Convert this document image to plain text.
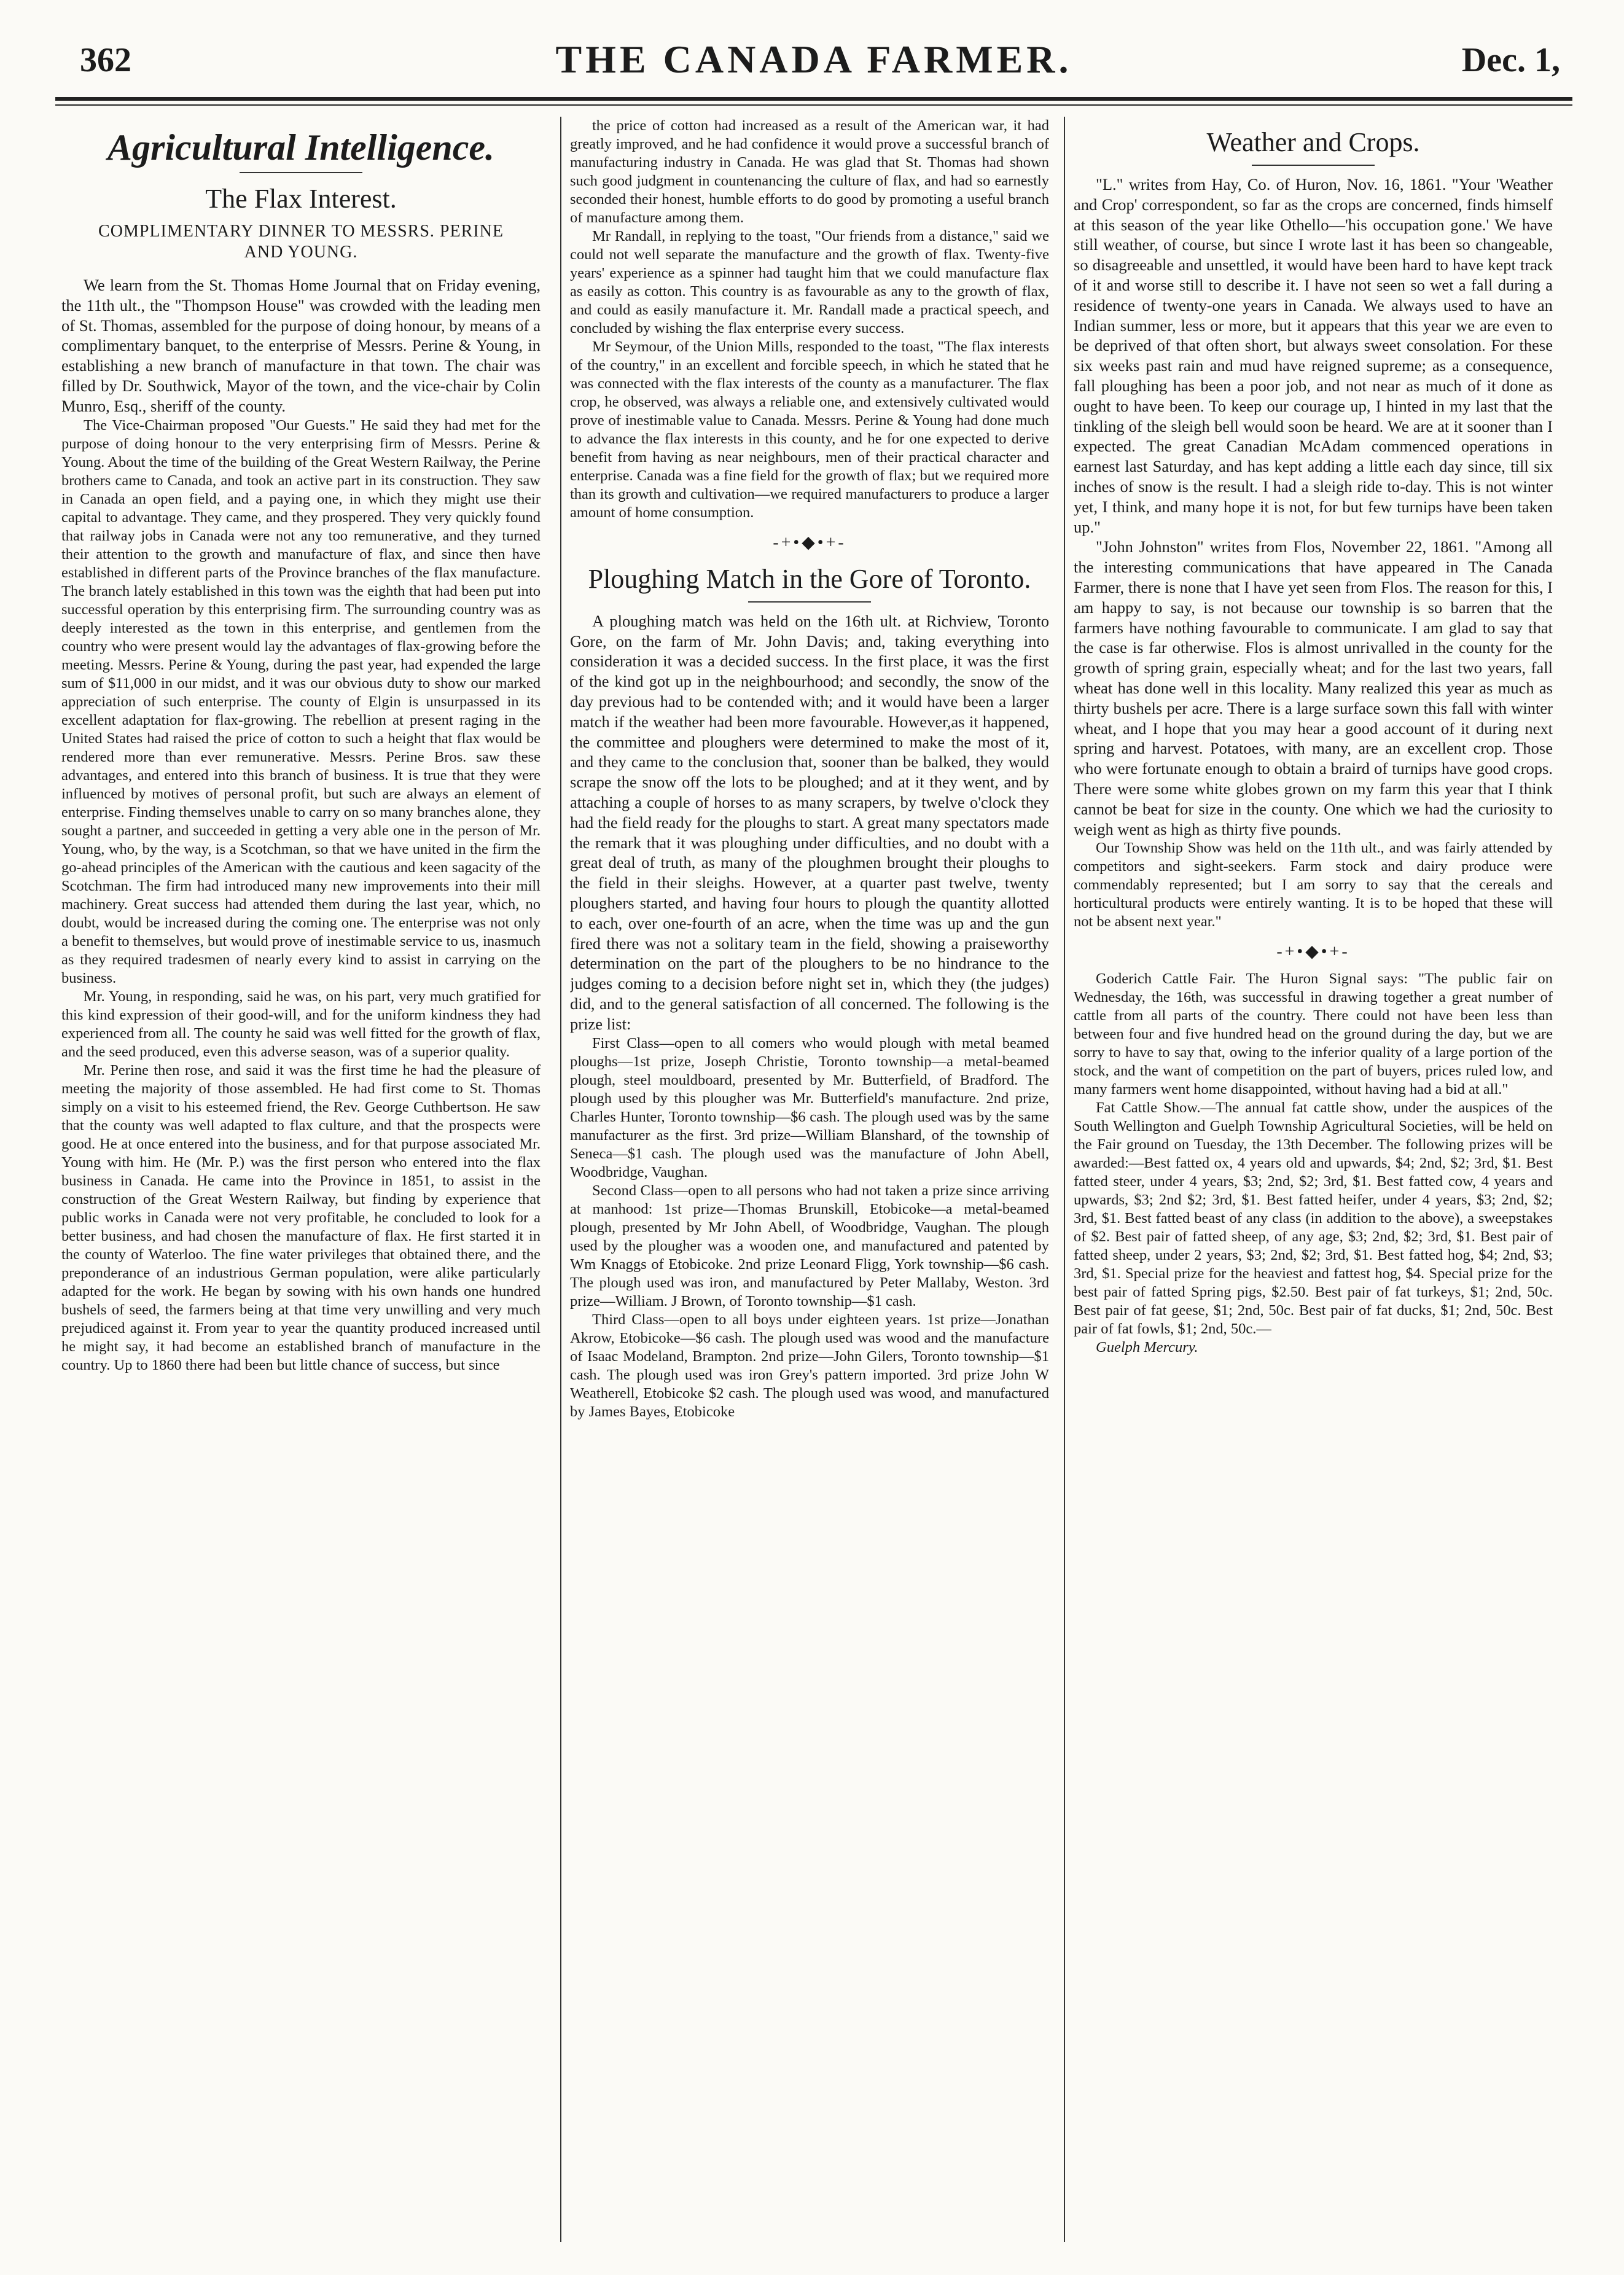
362	THE CANADA FARMER.	Dec. 1,
Agricultural Intelligence.
The Flax Interest.
COMPLIMENTARY DINNER TO MESSRS. PERINE AND YOUNG.

We learn from the St. Thomas Home Journal that on Friday evening, the 11th ult., the "Thompson House" was crowded with the leading men of St. Thomas, assembled for the purpose of doing honour, by means of a complimentary banquet, to the enterprise of Messrs. Perine & Young, in establishing a new branch of manufacture in that town. The chair was filled by Dr. Southwick, Mayor of the town, and the vice-chair by Colin Munro, Esq., sheriff of the county.

The Vice-Chairman proposed "Our Guests." He said they had met for the purpose of doing honour to the very enterprising firm of Messrs. Perine & Young. About the time of the building of the Great Western Railway, the Perine brothers came to Canada, and took an active part in its construction. They saw in Canada an open field, and a paying one, in which they might use their capital to advantage. They came, and they prospered. They very quickly found that railway jobs in Canada were not any too remunerative, and they turned their attention to the growth and manufacture of flax, and since then have established in different parts of the Province branches of the flax manufacture. The branch lately established in this town was the eighth that had been put into successful operation by this enterprising firm. The surrounding country was as deeply interested as the town in this enterprise, and gentlemen from the country who were present would lay the advantages of flax-growing before the meeting. Messrs. Perine & Young, during the past year, had expended the large sum of $11,000 in our midst, and it was our obvious duty to show our marked appreciation of such enterprise. The county of Elgin is unsurpassed in its excellent adaptation for flax-growing. The rebellion at present raging in the United States had raised the price of cotton to such a height that flax would be rendered more than ever remunerative. Messrs. Perine Bros. saw these advantages, and entered into this branch of business. It is true that they were influenced by motives of personal profit, but such are always an element of enterprise. Finding themselves unable to carry on so many branches alone, they sought a partner, and succeeded in getting a very able one in the person of Mr. Young, who, by the way, is a Scotchman, so that we have united in the firm the go-ahead principles of the American with the cautious and keen sagacity of the Scotchman. The firm had introduced many new improvements into their mill machinery. Great success had attended them during the last year, which, no doubt, would be increased during the coming one. The enterprise was not only a benefit to themselves, but would prove of inestimable service to us, inasmuch as they required tradesmen of nearly every kind to assist in carrying on the business.

Mr. Young, in responding, said he was, on his part, very much gratified for this kind expression of their good-will, and for the uniform kindness they had experienced from all. The county he said was well fitted for the growth of flax, and the seed produced, even this adverse season, was of a superior quality.

Mr. Perine then rose, and said it was the first time he had the pleasure of meeting the majority of those assembled. He had first come to St. Thomas simply on a visit to his esteemed friend, the Rev. George Cuthbertson. He saw that the county was well adapted to flax culture, and that the prospects were good. He at once entered into the business, and for that purpose associated Mr. Young with him. He (Mr. P.) was the first person who entered into the flax business in Canada. He came into the Province in 1851, to assist in the construction of the Great Western Railway, but finding by experience that public works in Canada were not very profitable, he concluded to look for a better business, and had chosen the manufacture of flax. He first started it in the county of Waterloo. The fine water privileges that obtained there, and the preponderance of an industrious German population, were alike particularly adapted for the work. He began by sowing with his own hands one hundred bushels of seed, the farmers being at that time very unwilling and very much prejudiced against it. From year to year the quantity produced increased until he might say, it had become an established branch of manufacture in the country. Up to 1860 there had been but little chance of success, but since

the price of cotton had increased as a result of the American war, it had greatly improved, and he had confidence it would prove a successful branch of manufacturing industry in Canada. He was glad that St. Thomas had shown such good judgment in countenancing the culture of flax, and had so earnestly seconded their honest, humble efforts to do good by promoting a useful branch of manufacture among them.

Mr Randall, in replying to the toast, "Our friends from a distance," said we could not well separate the manufacture and the growth of flax. Twenty-five years' experience as a spinner had taught him that we could manufacture flax as easily as cotton. This country is as favourable as any to the growth of flax, and could as easily manufacture it. Mr. Randall made a practical speech, and concluded by wishing the flax enterprise every success.

Mr Seymour, of the Union Mills, responded to the toast, "The flax interests of the country," in an excellent and forcible speech, in which he stated that he was connected with the flax interests of the county as a manufacturer. The flax crop, he observed, was always a reliable one, and extensively cultivated would prove of inestimable value to Canada. Messrs. Perine & Young had done much to advance the flax interests in this county, and he for one expected to derive benefit from having as near neighbours, men of their practical character and enterprise. Canada was a fine field for the growth of flax; but we required more than its growth and cultivation—we required manufacturers to produce a larger amount of home consumption.

-+•◆•+-
Ploughing Match in the Gore of Toronto.

A ploughing match was held on the 16th ult. at Richview, Toronto Gore, on the farm of Mr. John Davis; and, taking everything into consideration it was a decided success. In the first place, it was the first of the kind got up in the neighbourhood; and secondly, the snow of the day previous had to be contended with; and it would have been a larger match if the weather had been more favourable. However,as it happened, the committee and ploughers were determined to make the most of it, and they came to the conclusion that, sooner than be balked, they would scrape the snow off the lots to be ploughed; and at it they went, and by attaching a couple of horses to as many scrapers, by twelve o'clock they had the field ready for the ploughs to start. A great many spectators made the remark that it was ploughing under difficulties, and no doubt with a great deal of truth, as many of the ploughmen brought their ploughs to the field in their sleighs. However, at a quarter past twelve, twenty ploughers started, and having four hours to plough the quantity allotted to each, over one-fourth of an acre, when the time was up and the gun fired there was not a solitary team in the field, showing a praiseworthy determination on the part of the ploughers to be no hindrance to the judges coming to a decision before night set in, which they (the judges) did, and to the general satisfaction of all concerned. The following is the prize list:

First Class—open to all comers who would plough with metal beamed ploughs—1st prize, Joseph Christie, Toronto township—a metal-beamed plough, steel mouldboard, presented by Mr. Butterfield, of Bradford. The plough used by this plougher was Mr. Butterfield's manufacture. 2nd prize, Charles Hunter, Toronto township—$6 cash. The plough used was by the same manufacturer as the first. 3rd prize—William Blanshard, of the township of Seneca—$1 cash. The plough used was the manufacture of John Abell, Woodbridge, Vaughan.

Second Class—open to all persons who had not taken a prize since arriving at manhood: 1st prize—Thomas Brunskill, Etobicoke—a metal-beamed plough, presented by Mr John Abell, of Woodbridge, Vaughan. The plough used by the plougher was a wooden one, and manufactured and patented by Wm Knaggs of Etobicoke. 2nd prize Leonard Fligg, York township—$6 cash. The plough used was iron, and manufactured by Peter Mallaby, Weston. 3rd prize—William. J Brown, of Toronto township—$1 cash.

Third Class—open to all boys under eighteen years. 1st prize—Jonathan Akrow, Etobicoke—$6 cash. The plough used was wood and the manufacture of Isaac Modeland, Brampton. 2nd prize—John Gilers, Toronto township—$1 cash. The plough used was iron Grey's pattern imported. 3rd prize John W Weatherell, Etobicoke $2 cash. The plough used was wood, and manufactured by James Bayes, Etobicoke

Weather and Crops.

"L." writes from Hay, Co. of Huron, Nov. 16, 1861. "Your 'Weather and Crop' correspondent, so far as the crops are concerned, finds himself at this season of the year like Othello—'his occupation gone.' We have still weather, of course, but since I wrote last it has been so changeable, so disagreeable and unsettled, it would have been hard to have kept track of it and worse still to describe it. I have not seen so wet a fall during a residence of twenty-one years in Canada. We always used to have an Indian summer, less or more, but it appears that this year we are even to be deprived of that often short, but always sweet consolation. For these six weeks past rain and mud have reigned supreme; as a consequence, fall ploughing has been a poor job, and not near as much of it done as ought to have been. To keep our courage up, I hinted in my last that the tinkling of the sleigh bell would soon be heard. We are at it sooner than I expected. The great Canadian McAdam commenced operations in earnest last Saturday, and has kept adding a little each day since, till six inches of snow is the result. I had a sleigh ride to-day. This is not winter yet, I think, and many hope it is not, for but few turnips have been taken up."

"John Johnston" writes from Flos, November 22, 1861. "Among all the interesting communications that have appeared in The Canada Farmer, there is none that I have yet seen from Flos. The reason for this, I am happy to say, is not because our township is so barren that the farmers have nothing favourable to communicate. I am glad to say that the case is far otherwise. Flos is almost unrivalled in the county for the growth of spring grain, especially wheat; and for the last two years, fall wheat has done well in this locality. Many realized this year as much as thirty bushels per acre. There is a large surface sown this fall with winter wheat, and I hope that you may hear a good account of it during next spring and harvest. Potatoes, with many, are an excellent crop. Those who were fortunate enough to obtain a braird of turnips have good crops. There were some white globes grown on my farm this year that I think cannot be beat for size in the county. One which we had the curiosity to weigh went as high as thirty five pounds.

Our Township Show was held on the 11th ult., and was fairly attended by competitors and sight-seekers. Farm stock and dairy produce were commendably represented; but I am sorry to say that the cereals and horticultural products were entirely wanting. It is to be hoped that these will not be absent next year."

-+•◆•+-

Goderich Cattle Fair. The Huron Signal says: "The public fair on Wednesday, the 16th, was successful in drawing together a great number of cattle from all parts of the country. There could not have been less than between four and five hundred head on the ground during the day, but we are sorry to have to say that, owing to the inferior quality of a large portion of the stock, and the want of competition on the part of buyers, prices ruled low, and many farmers went home disappointed, without having had a bid at all."

Fat Cattle Show.—The annual fat cattle show, under the auspices of the South Wellington and Guelph Township Agricultural Societies, will be held on the Fair ground on Tuesday, the 13th December. The following prizes will be awarded:—Best fatted ox, 4 years old and upwards, $4; 2nd, $2; 3rd, $1. Best fatted steer, under 4 years, $3; 2nd, $2; 3rd, $1. Best fatted cow, 4 years and upwards, $3; 2nd $2; 3rd, $1. Best fatted heifer, under 4 years, $3; 2nd, $2; 3rd, $1. Best fatted beast of any class (in addition to the above), a sweepstakes of $2. Best pair of fatted sheep, of any age, $3; 2nd, $2; 3rd, $1. Best pair of fatted sheep, under 2 years, $3; 2nd, $2; 3rd, $1. Best fatted hog, $4; 2nd, $3; 3rd, $1. Special prize for the heaviest and fattest hog, $4. Special prize for the best pair of fatted Spring pigs, $2.50. Best pair of fat turkeys, $1; 2nd, 50c. Best pair of fat geese, $1; 2nd, 50c. Best pair of fat ducks, $1; 2nd, 50c. Best pair of fat fowls, $1; 2nd, 50c.—

Guelph Mercury.
